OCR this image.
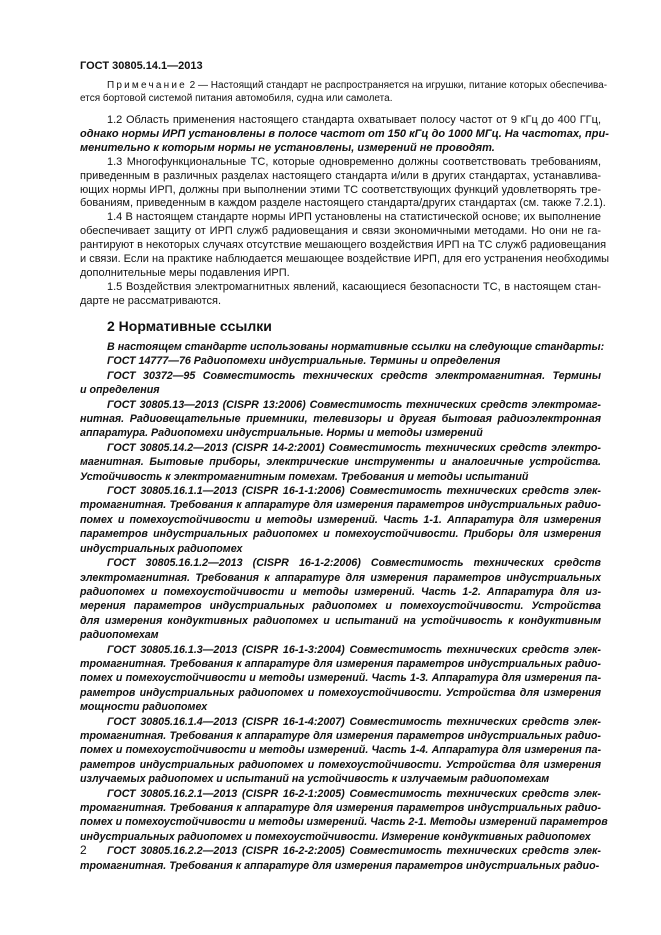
ГОСТ 30805.14.1—2013
Примечание 2 — Настоящий стандарт не распространяется на игрушки, питание которых обеспечива-
ется бортовой системой питания автомобиля, судна или самолета.
1.2 Область применения настоящего стандарта охватывает полосу частот от 9 кГц до 400 ГГц,
однако нормы ИРП установлены в полосе частот от 150 кГц до 1000 МГц. На частотах, при-
менительно к которым нормы не установлены, измерений не проводят.
1.3 Многофункциональные ТС, которые одновременно должны соответствовать требованиям,
приведенным в различных разделах настоящего стандарта и/или в других стандартах, устанавлива-
ющих нормы ИРП, должны при выполнении этими ТС соответствующих функций удовлетворять тре-
бованиям, приведенным в каждом разделе настоящего стандарта/других стандартах (см. также 7.2.1).
1.4 В настоящем стандарте нормы ИРП установлены на статистической основе; их выполнение
обеспечивает защиту от ИРП служб радиовещания и связи экономичными методами. Но они не га-
рантируют в некоторых случаях отсутствие мешающего воздействия ИРП на ТС служб радиовещания
и связи. Если на практике наблюдается мешающее воздействие ИРП, для его устранения необходимы
дополнительные меры подавления ИРП.
1.5 Воздействия электромагнитных явлений, касающиеся безопасности ТС, в настоящем стан-
дарте не рассматриваются.
2 Нормативные ссылки
В настоящем стандарте использованы нормативные ссылки на следующие стандарты:
ГОСТ 14777—76 Радиопомехи индустриальные. Термины и определения
ГОСТ 30372—95 Совместимость технических средств электромагнитная. Термины
и определения
ГОСТ 30805.13—2013 (CISPR 13:2006) Совместимость технических средств электромаг-
нитная. Радиовещательные приемники, телевизоры и другая бытовая радиоэлектронная
аппаратура. Радиопомехи индустриальные. Нормы и методы измерений
ГОСТ 30805.14.2—2013 (CISPR 14-2:2001) Совместимость технических средств электро-
магнитная. Бытовые приборы, электрические инструменты и аналогичные устройства.
Устойчивость к электромагнитным помехам. Требования и методы испытаний
ГОСТ 30805.16.1.1—2013 (CISPR 16-1-1:2006) Совместимость технических средств элек-
тромагнитная. Требования к аппаратуре для измерения параметров индустриальных радио-
помех и помехоустойчивости и методы измерений. Часть 1-1. Аппаратура для измерения
параметров индустриальных радиопомех и помехоустойчивости. Приборы для измерения
индустриальных радиопомех
ГОСТ 30805.16.1.2—2013 (CISPR 16-1-2:2006) Совместимость технических средств
электромагнитная. Требования к аппаратуре для измерения параметров индустриальных
радиопомех и помехоустойчивости и методы измерений. Часть 1-2. Аппаратура для из-
мерения параметров индустриальных радиопомех и помехоустойчивости. Устройства
для измерения кондуктивных радиопомех и испытаний на устойчивость к кондуктивным
радиопомехам
ГОСТ 30805.16.1.3—2013 (CISPR 16-1-3:2004) Совместимость технических средств элек-
тромагнитная. Требования к аппаратуре для измерения параметров индустриальных радио-
помех и помехоустойчивости и методы измерений. Часть 1-3. Аппаратура для измерения па-
раметров индустриальных радиопомех и помехоустойчивости. Устройства для измерения
мощности радиопомех
ГОСТ 30805.16.1.4—2013 (CISPR 16-1-4:2007) Совместимость технических средств элек-
тромагнитная. Требования к аппаратуре для измерения параметров индустриальных радио-
помех и помехоустойчивости и методы измерений. Часть 1-4. Аппаратура для измерения па-
раметров индустриальных радиопомех и помехоустойчивости. Устройства для измерения
излучаемых радиопомех и испытаний на устойчивость к излучаемым радиопомехам
ГОСТ 30805.16.2.1—2013 (CISPR 16-2-1:2005) Совместимость технических средств элек-
тромагнитная. Требования к аппаратуре для измерения параметров индустриальных радио-
помех и помехоустойчивости и методы измерений. Часть 2-1. Методы измерений параметров
индустриальных радиопомех и помехоустойчивости. Измерение кондуктивных радиопомех
ГОСТ 30805.16.2.2—2013 (CISPR 16-2-2:2005) Совместимость технических средств элек-
тромагнитная. Требования к аппаратуре для измерения параметров индустриальных радио-
2
